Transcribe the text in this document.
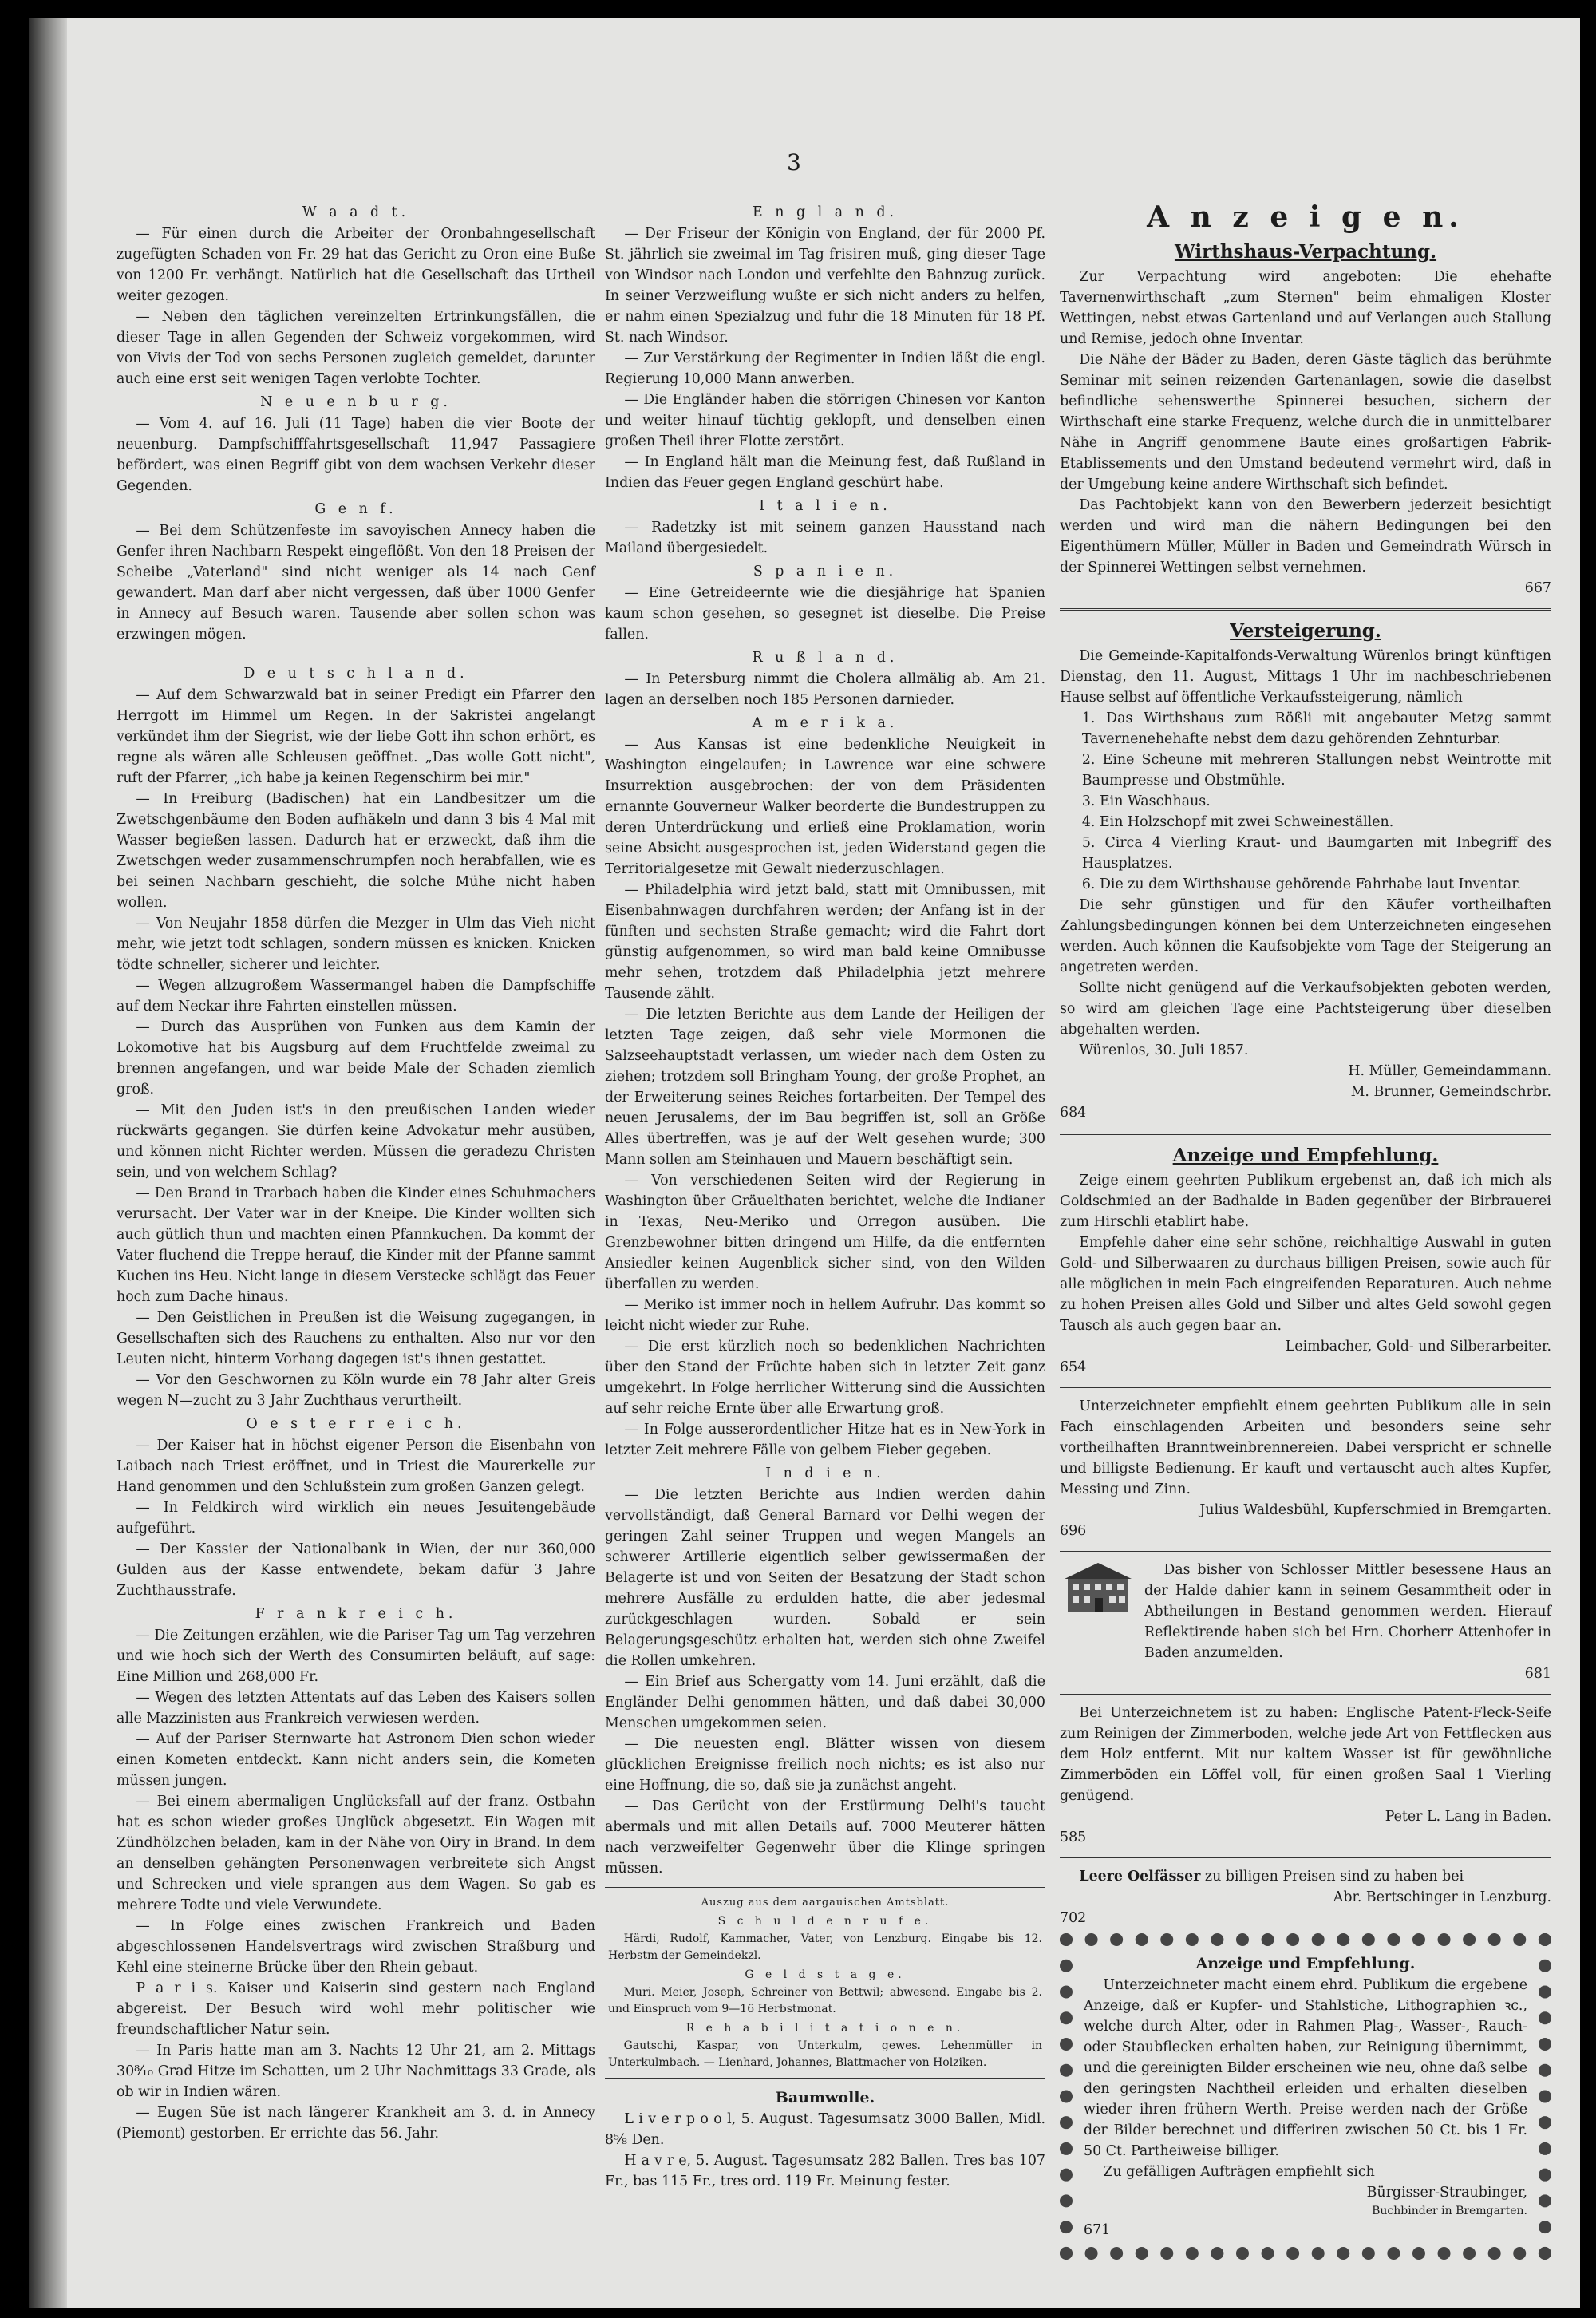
3

W a a d t.

— Für einen durch die Arbeiter der Oronbahngesellschaft zugefügten Schaden von Fr. 29 hat das Gericht zu Oron eine Buße von 1200 Fr. verhängt. Natürlich hat die Gesellschaft das Urtheil weiter gezogen.

— Neben den täglichen vereinzelten Ertrinkungsfällen, die dieser Tage in allen Gegenden der Schweiz vorgekommen, wird von Vivis der Tod von sechs Personen zugleich gemeldet, darunter auch eine erst seit wenigen Tagen verlobte Tochter.

N e u e n b u r g.

— Vom 4. auf 16. Juli (11 Tage) haben die vier Boote der neuenburg. Dampfschifffahrtsgesellschaft 11,947 Passagiere befördert, was einen Begriff gibt von dem wachsen Verkehr dieser Gegenden.

G e n f.

— Bei dem Schützenfeste im savoyischen Annecy haben die Genfer ihren Nachbarn Respekt eingeflößt. Von den 18 Preisen der Scheibe „Vaterland" sind nicht weniger als 14 nach Genf gewandert. Man darf aber nicht vergessen, daß über 1000 Genfer in Annecy auf Besuch waren. Tausende aber sollen schon was erzwingen mögen.

D e u t s c h l a n d.

— Auf dem Schwarzwald bat in seiner Predigt ein Pfarrer den Herrgott im Himmel um Regen. In der Sakristei angelangt verkündet ihm der Siegrist, wie der liebe Gott ihn schon erhört, es regne als wären alle Schleusen geöffnet. „Das wolle Gott nicht", ruft der Pfarrer, „ich habe ja keinen Regenschirm bei mir."

— In Freiburg (Badischen) hat ein Landbesitzer um die Zwetschgenbäume den Boden aufhäkeln und dann 3 bis 4 Mal mit Wasser begießen lassen. Dadurch hat er erzweckt, daß ihm die Zwetschgen weder zusammenschrumpfen noch herabfallen, wie es bei seinen Nachbarn geschieht, die solche Mühe nicht haben wollen.

— Von Neujahr 1858 dürfen die Mezger in Ulm das Vieh nicht mehr, wie jetzt todt schlagen, sondern müssen es knicken. Knicken tödte schneller, sicherer und leichter.

— Wegen allzugroßem Wassermangel haben die Dampfschiffe auf dem Neckar ihre Fahrten einstellen müssen.

— Durch das Ausprühen von Funken aus dem Kamin der Lokomotive hat bis Augsburg auf dem Fruchtfelde zweimal zu brennen angefangen, und war beide Male der Schaden ziemlich groß.

— Mit den Juden ist's in den preußischen Landen wieder rückwärts gegangen. Sie dürfen keine Advokatur mehr ausüben, und können nicht Richter werden. Müssen die geradezu Christen sein, und von welchem Schlag?

— Den Brand in Trarbach haben die Kinder eines Schuhmachers verursacht. Der Vater war in der Kneipe. Die Kinder wollten sich auch gütlich thun und machten einen Pfannkuchen. Da kommt der Vater fluchend die Treppe herauf, die Kinder mit der Pfanne sammt Kuchen ins Heu. Nicht lange in diesem Verstecke schlägt das Feuer hoch zum Dache hinaus.

— Den Geistlichen in Preußen ist die Weisung zugegangen, in Gesellschaften sich des Rauchens zu enthalten. Also nur vor den Leuten nicht, hinterm Vorhang dagegen ist's ihnen gestattet.

— Vor den Geschwornen zu Köln wurde ein 78 Jahr alter Greis wegen N—zucht zu 3 Jahr Zuchthaus verurtheilt.

O e s t e r r e i c h.

— Der Kaiser hat in höchst eigener Person die Eisenbahn von Laibach nach Triest eröffnet, und in Triest die Maurerkelle zur Hand genommen und den Schlußstein zum großen Ganzen gelegt.

— In Feldkirch wird wirklich ein neues Jesuitengebäude aufgeführt.

— Der Kassier der Nationalbank in Wien, der nur 360,000 Gulden aus der Kasse entwendete, bekam dafür 3 Jahre Zuchthausstrafe.

F r a n k r e i c h.

— Die Zeitungen erzählen, wie die Pariser Tag um Tag verzehren und wie hoch sich der Werth des Consumirten beläuft, auf sage: Eine Million und 268,000 Fr.

— Wegen des letzten Attentats auf das Leben des Kaisers sollen alle Mazzinisten aus Frankreich verwiesen werden.

— Auf der Pariser Sternwarte hat Astronom Dien schon wieder einen Kometen entdeckt. Kann nicht anders sein, die Kometen müssen jungen.

— Bei einem abermaligen Unglücksfall auf der franz. Ostbahn hat es schon wieder großes Unglück abgesetzt. Ein Wagen mit Zündhölzchen beladen, kam in der Nähe von Oiry in Brand. In dem an denselben gehängten Personenwagen verbreitete sich Angst und Schrecken und viele sprangen aus dem Wagen. So gab es mehrere Todte und viele Verwundete.

— In Folge eines zwischen Frankreich und Baden abgeschlossenen Handelsvertrags wird zwischen Straßburg und Kehl eine steinerne Brücke über den Rhein gebaut.

P a r i s. Kaiser und Kaiserin sind gestern nach England abgereist. Der Besuch wird wohl mehr politischer wie freundschaftlicher Natur sein.

— In Paris hatte man am 3. Nachts 12 Uhr 21, am 2. Mittags 30⁸⁄₁₀ Grad Hitze im Schatten, um 2 Uhr Nachmittags 33 Grade, als ob wir in Indien wären.

— Eugen Süe ist nach längerer Krankheit am 3. d. in Annecy (Piemont) gestorben. Er errichte das 56. Jahr.

E n g l a n d.

— Der Friseur der Königin von England, der für 2000 Pf. St. jährlich sie zweimal im Tag frisiren muß, ging dieser Tage von Windsor nach London und verfehlte den Bahnzug zurück. In seiner Verzweiflung wußte er sich nicht anders zu helfen, er nahm einen Spezialzug und fuhr die 18 Minuten für 18 Pf. St. nach Windsor.

— Zur Verstärkung der Regimenter in Indien läßt die engl. Regierung 10,000 Mann anwerben.

— Die Engländer haben die störrigen Chinesen vor Kanton und weiter hinauf tüchtig geklopft, und denselben einen großen Theil ihrer Flotte zerstört.

— In England hält man die Meinung fest, daß Rußland in Indien das Feuer gegen England geschürt habe.

I t a l i e n.

— Radetzky ist mit seinem ganzen Hausstand nach Mailand übergesiedelt.

S p a n i e n.

— Eine Getreideernte wie die diesjährige hat Spanien kaum schon gesehen, so gesegnet ist dieselbe. Die Preise fallen.

R u ß l a n d.

— In Petersburg nimmt die Cholera allmälig ab. Am 21. lagen an derselben noch 185 Personen darnieder.

A m e r i k a.

— Aus Kansas ist eine bedenkliche Neuigkeit in Washington eingelaufen; in Lawrence war eine schwere Insurrektion ausgebrochen: der von dem Präsidenten ernannte Gouverneur Walker beorderte die Bundestruppen zu deren Unterdrückung und erließ eine Proklamation, worin seine Absicht ausgesprochen ist, jeden Widerstand gegen die Territorialgesetze mit Gewalt niederzuschlagen.

— Philadelphia wird jetzt bald, statt mit Omnibussen, mit Eisenbahnwagen durchfahren werden; der Anfang ist in der fünften und sechsten Straße gemacht; wird die Fahrt dort günstig aufgenommen, so wird man bald keine Omnibusse mehr sehen, trotzdem daß Philadelphia jetzt mehrere Tausende zählt.

— Die letzten Berichte aus dem Lande der Heiligen der letzten Tage zeigen, daß sehr viele Mormonen die Salzseehauptstadt verlassen, um wieder nach dem Osten zu ziehen; trotzdem soll Bringham Young, der große Prophet, an der Erweiterung seines Reiches fortarbeiten. Der Tempel des neuen Jerusalems, der im Bau begriffen ist, soll an Größe Alles übertreffen, was je auf der Welt gesehen wurde; 300 Mann sollen am Steinhauen und Mauern beschäftigt sein.

— Von verschiedenen Seiten wird der Regierung in Washington über Gräuelthaten berichtet, welche die Indianer in Texas, Neu-Meriko und Orregon ausüben. Die Grenzbewohner bitten dringend um Hilfe, da die entfernten Ansiedler keinen Augenblick sicher sind, von den Wilden überfallen zu werden.

— Meriko ist immer noch in hellem Aufruhr. Das kommt so leicht nicht wieder zur Ruhe.

— Die erst kürzlich noch so bedenklichen Nachrichten über den Stand der Früchte haben sich in letzter Zeit ganz umgekehrt. In Folge herrlicher Witterung sind die Aussichten auf sehr reiche Ernte über alle Erwartung groß.

— In Folge ausserordentlicher Hitze hat es in New-York in letzter Zeit mehrere Fälle von gelbem Fieber gegeben.

I n d i e n.

— Die letzten Berichte aus Indien werden dahin vervollständigt, daß General Barnard vor Delhi wegen der geringen Zahl seiner Truppen und wegen Mangels an schwerer Artillerie eigentlich selber gewissermaßen der Belagerte ist und von Seiten der Besatzung der Stadt schon mehrere Ausfälle zu erdulden hatte, die aber jedesmal zurückgeschlagen wurden. Sobald er sein Belagerungsgeschütz erhalten hat, werden sich ohne Zweifel die Rollen umkehren.

— Ein Brief aus Schergatty vom 14. Juni erzählt, daß die Engländer Delhi genommen hätten, und daß dabei 30,000 Menschen umgekommen seien.

— Die neuesten engl. Blätter wissen von diesem glücklichen Ereignisse freilich noch nichts; es ist also nur eine Hoffnung, die so, daß sie ja zunächst angeht.

— Das Gerücht von der Erstürmung Delhi's taucht abermals und mit allen Details auf. 7000 Meuterer hätten nach verzweifelter Gegenwehr über die Klinge springen müssen.

Auszug aus dem aargauischen Amtsblatt.

S c h u l d e n r u f e.

Härdi, Rudolf, Kammacher, Vater, von Lenzburg. Eingabe bis 12. Herbstm der Gemeindekzl.

G e l d s t a g e.

Muri. Meier, Joseph, Schreiner von Bettwil; abwesend. Eingabe bis 2. und Einspruch vom 9—16 Herbstmonat.

R e h a b i l i t a t i o n e n.

Gautschi, Kaspar, von Unterkulm, gewes. Lehenmüller in Unterkulmbach. — Lienhard, Johannes, Blattmacher von Holziken.

Baumwolle.

L i v e r p o o l, 5. August. Tagesumsatz 3000 Ballen, Midl. 8⁵⁄₈ Den.

H a v r e, 5. August. Tagesumsatz 282 Ballen. Tres bas 107 Fr., bas 115 Fr., tres ord. 119 Fr. Meinung fester.

A n z e i g e n.

Wirthshaus-Verpachtung.

Zur Verpachtung wird angeboten: Die ehehafte Tavernenwirthschaft „zum Sternen" beim ehmaligen Kloster Wettingen, nebst etwas Gartenland und auf Verlangen auch Stallung und Remise, jedoch ohne Inventar.

Die Nähe der Bäder zu Baden, deren Gäste täglich das berühmte Seminar mit seinen reizenden Gartenanlagen, sowie die daselbst befindliche sehenswerthe Spinnerei besuchen, sichern der Wirthschaft eine starke Frequenz, welche durch die in unmittelbarer Nähe in Angriff genommene Baute eines großartigen Fabrik-Etablissements und den Umstand bedeutend vermehrt wird, daß in der Umgebung keine andere Wirthschaft sich befindet.

Das Pachtobjekt kann von den Bewerbern jederzeit besichtigt werden und wird man die nähern Bedingungen bei den Eigenthümern Müller, Müller in Baden und Gemeindrath Würsch in der Spinnerei Wettingen selbst vernehmen.

667

Versteigerung.

Die Gemeinde-Kapitalfonds-Verwaltung Würenlos bringt künftigen Dienstag, den 11. August, Mittags 1 Uhr im nachbeschriebenen Hause selbst auf öffentliche Verkaufssteigerung, nämlich

1. Das Wirthshaus zum Rößli mit angebauter Metzg sammt Tavernenehehafte nebst dem dazu gehörenden Zehnturbar.

2. Eine Scheune mit mehreren Stallungen nebst Weintrotte mit Baumpresse und Obstmühle.

3. Ein Waschhaus.

4. Ein Holzschopf mit zwei Schweineställen.

5. Circa 4 Vierling Kraut- und Baumgarten mit Inbegriff des Hausplatzes.

6. Die zu dem Wirthshause gehörende Fahrhabe laut Inventar.

Die sehr günstigen und für den Käufer vortheilhaften Zahlungsbedingungen können bei dem Unterzeichneten eingesehen werden. Auch können die Kaufsobjekte vom Tage der Steigerung an angetreten werden.

Sollte nicht genügend auf die Verkaufsobjekten geboten werden, so wird am gleichen Tage eine Pachtsteigerung über dieselben abgehalten werden.

Würenlos, 30. Juli 1857.

H. Müller, Gemeindammann.

M. Brunner, Gemeindschrbr.

684

Anzeige und Empfehlung.

Zeige einem geehrten Publikum ergebenst an, daß ich mich als Goldschmied an der Badhalde in Baden gegenüber der Birbrauerei zum Hirschli etablirt habe.

Empfehle daher eine sehr schöne, reichhaltige Auswahl in guten Gold- und Silberwaaren zu durchaus billigen Preisen, sowie auch für alle möglichen in mein Fach eingreifenden Reparaturen. Auch nehme zu hohen Preisen alles Gold und Silber und altes Geld sowohl gegen Tausch als auch gegen baar an.

Leimbacher, Gold- und Silberarbeiter.

654

Unterzeichneter empfiehlt einem geehrten Publikum alle in sein Fach einschlagenden Arbeiten und besonders seine sehr vortheilhaften Branntweinbrennereien. Dabei verspricht er schnelle und billigste Bedienung. Er kauft und vertauscht auch altes Kupfer, Messing und Zinn.

Julius Waldesbühl, Kupferschmied in Bremgarten.

696

Das bisher von Schlosser Mittler besessene Haus an der Halde dahier kann in seinem Gesammtheit oder in Abtheilungen in Bestand genommen werden. Hierauf Reflektirende haben sich bei Hrn. Chorherr Attenhofer in Baden anzumelden.

681

Bei Unterzeichnetem ist zu haben: Englische Patent-Fleck-Seife zum Reinigen der Zimmerboden, welche jede Art von Fettflecken aus dem Holz entfernt. Mit nur kaltem Wasser ist für gewöhnliche Zimmerböden ein Löffel voll, für einen großen Saal 1 Vierling genügend.

Peter L. Lang in Baden.

585

Leere Oelfässer zu billigen Preisen sind zu haben bei

Abr. Bertschinger in Lenzburg.

702

Anzeige und Empfehlung.

Unterzeichneter macht einem ehrd. Publikum die ergebene Anzeige, daß er Kupfer- und Stahlstiche, Lithographien ꝛc., welche durch Alter, oder in Rahmen Plag-, Wasser-, Rauch- oder Staubflecken erhalten haben, zur Reinigung übernimmt, und die gereinigten Bilder erscheinen wie neu, ohne daß selbe den geringsten Nachtheil erleiden und erhalten dieselben wieder ihren frühern Werth. Preise werden nach der Größe der Bilder berechnet und differiren zwischen 50 Ct. bis 1 Fr. 50 Ct. Partheiweise billiger.

Zu gefälligen Aufträgen empfiehlt sich

Bürgisser-Straubinger,

Buchbinder in Bremgarten.

671
